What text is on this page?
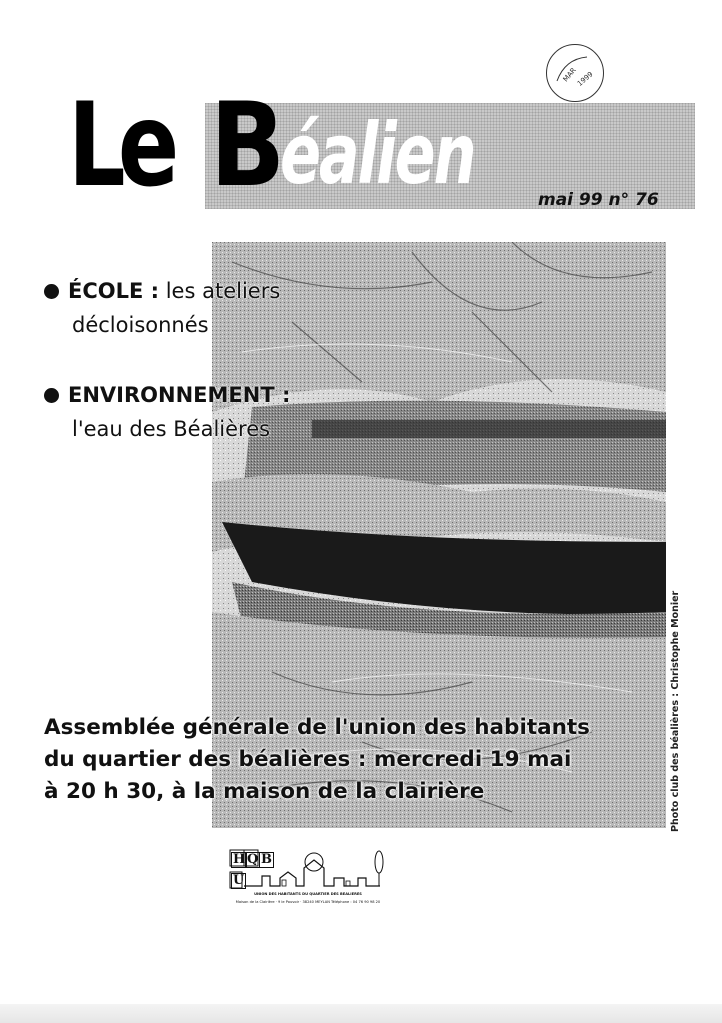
MAR
1999
Le B
éalien	mai 99 n° 76
Photo club des béalières : Christophe Monier
ÉCOLE : les ateliers
décloisonnés
ENVIRONNEMENT :
l'eau des Béalières
Assemblée générale de l'union des habitants
du quartier des béalières : mercredi 19 mai
à 20 h 30, à la maison de la clairière
H Q B
U
UNION DES HABITANTS DU QUARTIER DES BEALIERES
Maison de la Clairière · 9 le Pouvoir · 38240 MEYLAN Téléphone : 04 76 90 98 20
